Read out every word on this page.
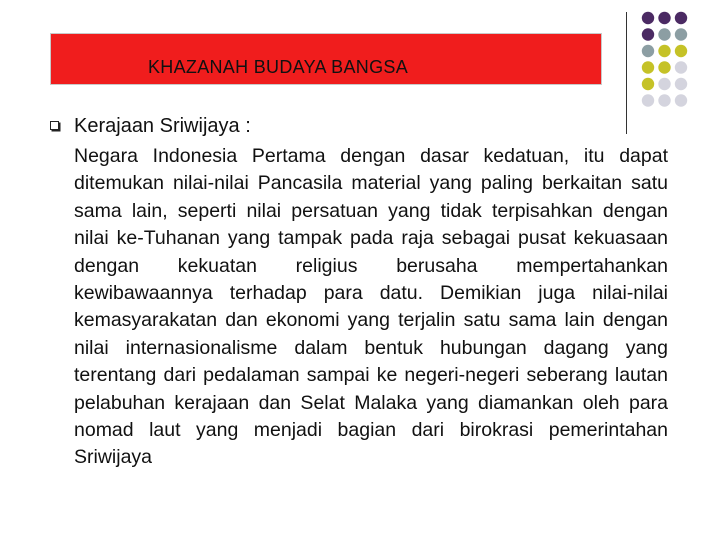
KHAZANAH BUDAYA BANGSA
Kerajaan Sriwijaya :

Negara Indonesia Pertama dengan dasar kedatuan, itu dapat ditemukan nilai-nilai Pancasila material yang paling berkaitan satu sama lain, seperti nilai persatuan yang tidak terpisahkan dengan nilai ke-Tuhanan yang tampak pada raja sebagai pusat kekuasaan dengan kekuatan religius berusaha mempertahankan kewibawaannya terhadap para datu. Demikian juga nilai-nilai kemasyarakatan dan ekonomi yang terjalin satu sama lain dengan nilai internasionalisme dalam bentuk hubungan dagang yang terentang dari pedalaman sampai ke negeri-negeri seberang lautan pelabuhan kerajaan dan Selat Malaka yang diamankan oleh para nomad laut yang menjadi bagian dari birokrasi pemerintahan Sriwijaya
